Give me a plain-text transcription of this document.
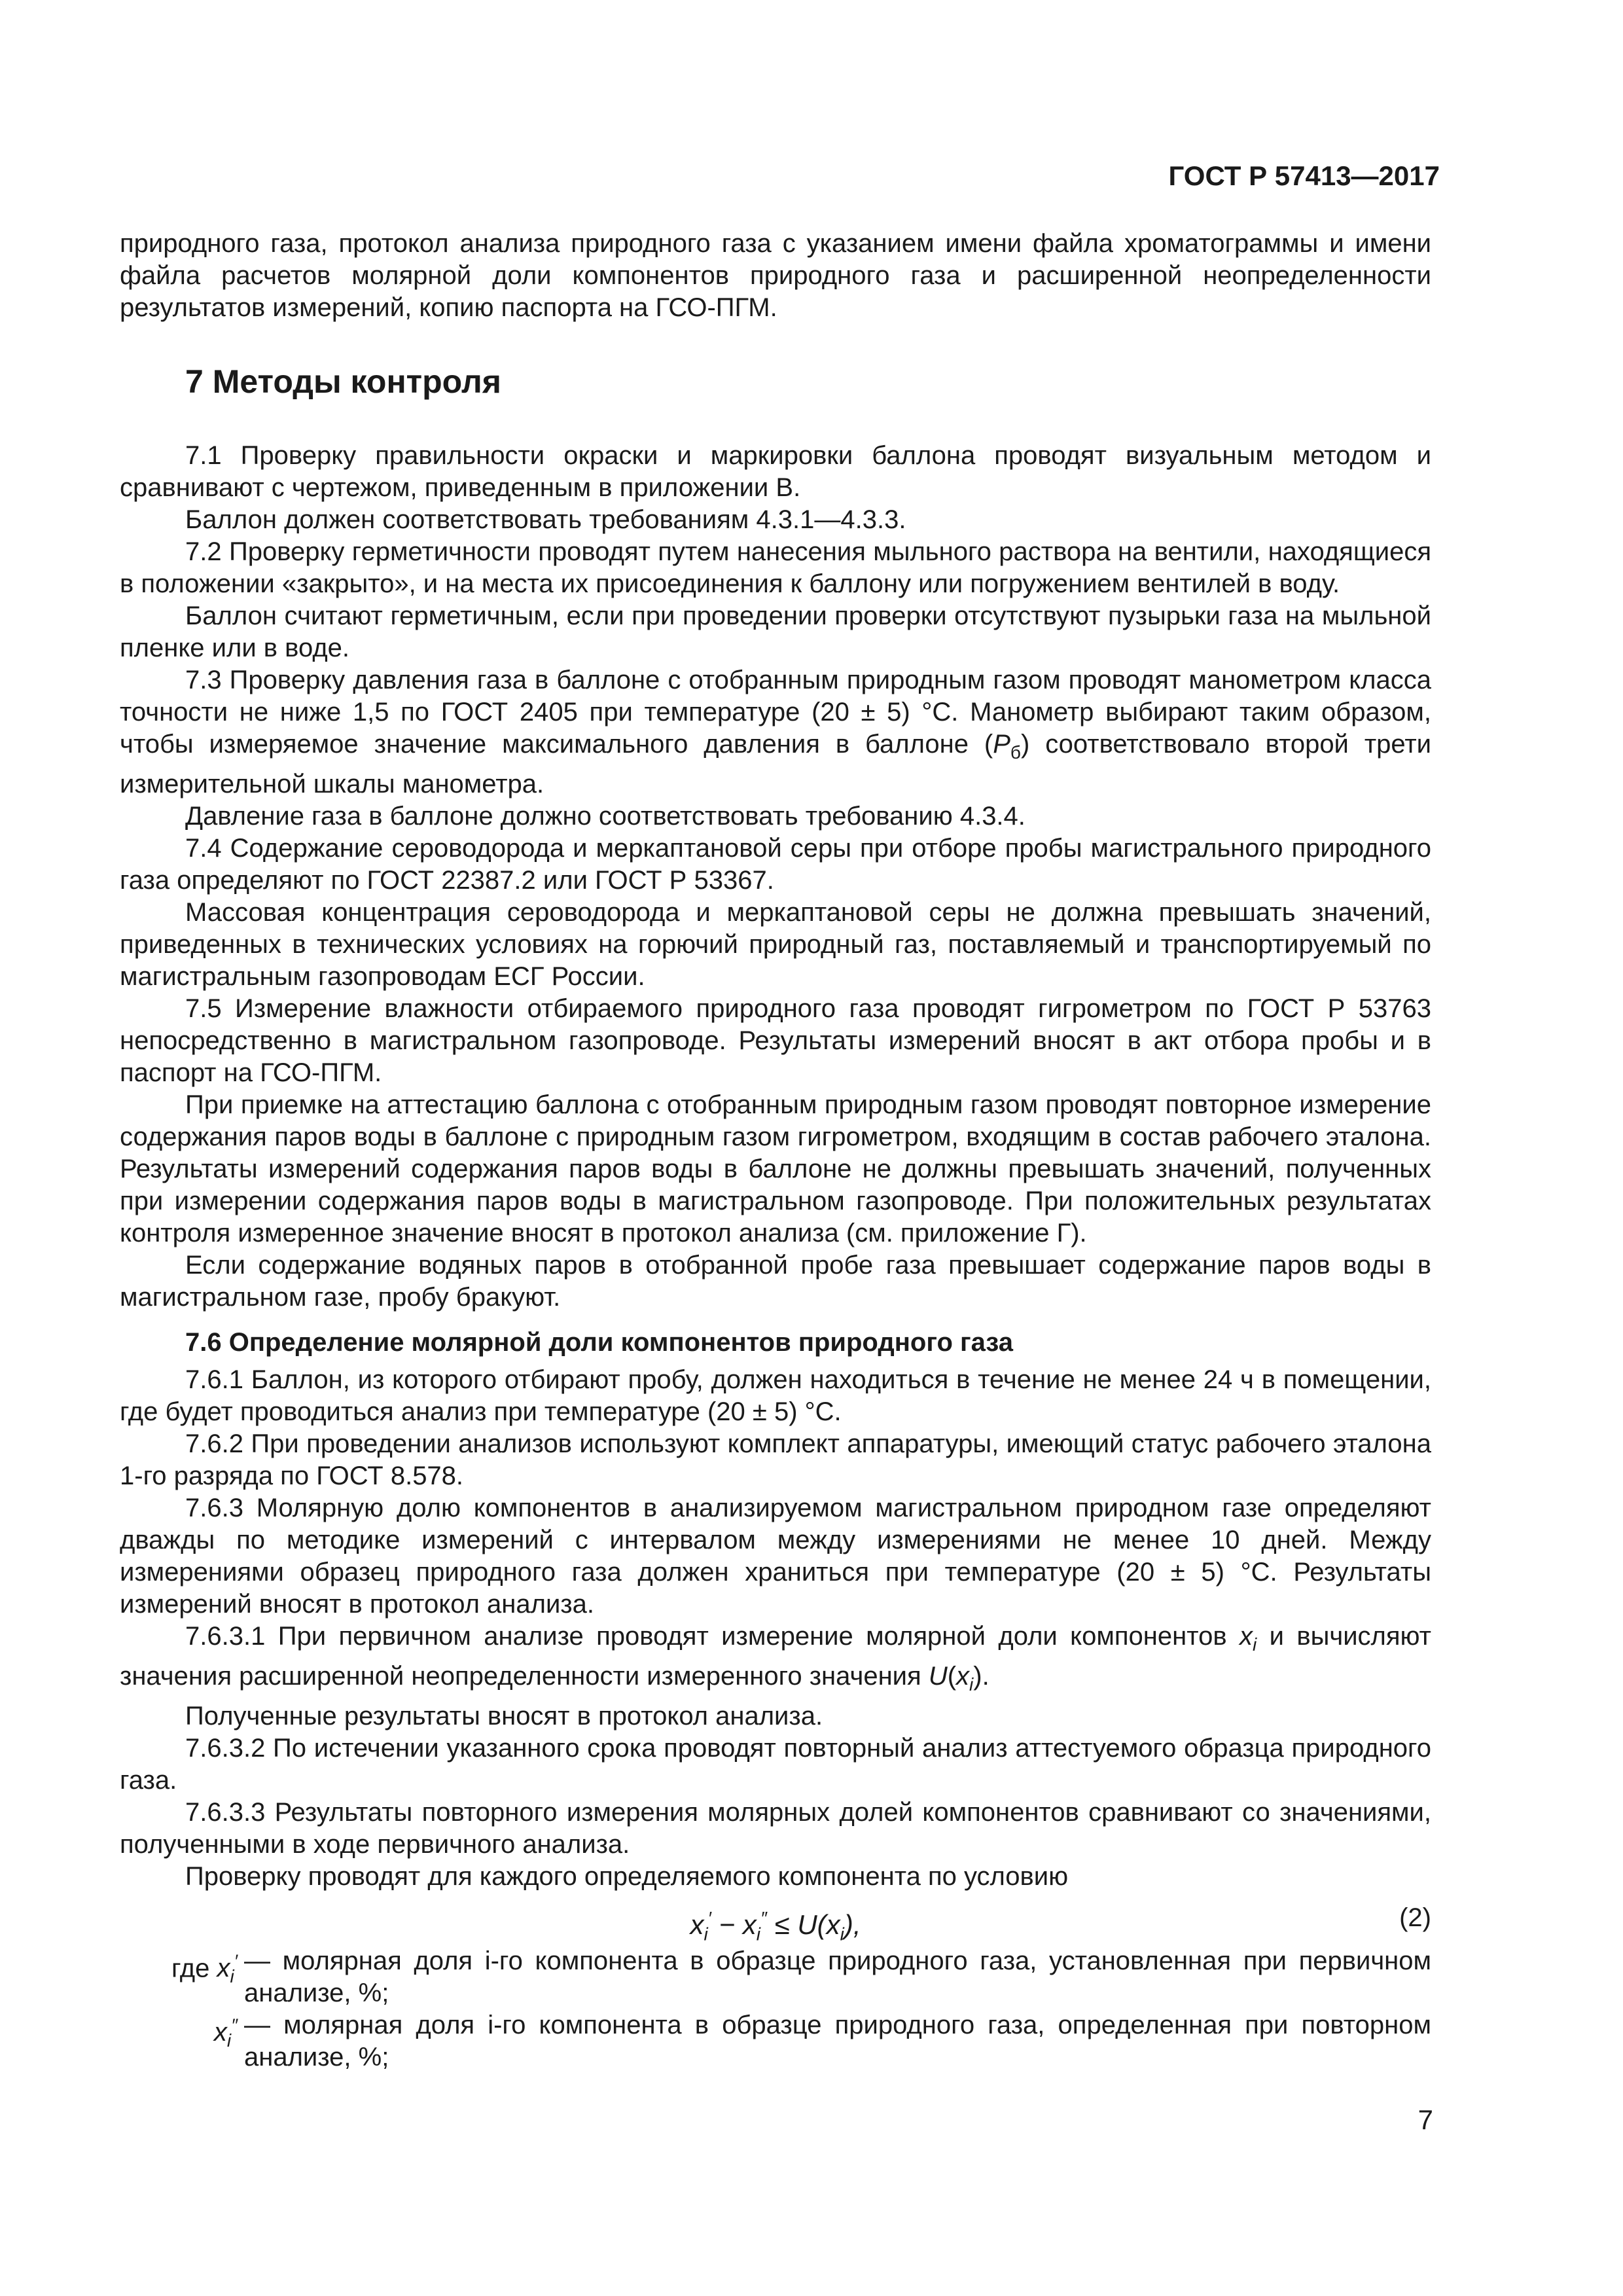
ГОСТ Р 57413—2017

природного газа, протокол анализа природного газа с указанием имени файла хроматограммы и имени файла расчетов молярной доли компонентов природного газа и расширенной неопределенности результатов измерений, копию паспорта на ГСО-ПГМ.

7 Методы контроля

7.1 Проверку правильности окраски и маркировки баллона проводят визуальным методом и сравнивают с чертежом, приведенным в приложении В.

Баллон должен соответствовать требованиям 4.3.1—4.3.3.

7.2 Проверку герметичности проводят путем нанесения мыльного раствора на вентили, находящиеся в положении «закрыто», и на места их присоединения к баллону или погружением вентилей в воду.

Баллон считают герметичным, если при проведении проверки отсутствуют пузырьки газа на мыльной пленке или в воде.

7.3 Проверку давления газа в баллоне с отобранным природным газом проводят манометром класса точности не ниже 1,5 по ГОСТ 2405 при температуре (20 ± 5) °С. Манометр выбирают таким образом, чтобы измеряемое значение максимального давления в баллоне $(P_б)$ соответствовало второй трети измерительной шкалы манометра.

Давление газа в баллоне должно соответствовать требованию 4.3.4.

7.4 Содержание сероводорода и меркаптановой серы при отборе пробы магистрального природного газа определяют по ГОСТ 22387.2 или ГОСТ Р 53367.

Массовая концентрация сероводорода и меркаптановой серы не должна превышать значений, приведенных в технических условиях на горючий природный газ, поставляемый и транспортируемый по магистральным газопроводам ЕСГ России.

7.5 Измерение влажности отбираемого природного газа проводят гигрометром по ГОСТ Р 53763 непосредственно в магистральном газопроводе. Результаты измерений вносят в акт отбора пробы и в паспорт на ГСО-ПГМ.

При приемке на аттестацию баллона с отобранным природным газом проводят повторное измерение содержания паров воды в баллоне с природным газом гигрометром, входящим в состав рабочего эталона. Результаты измерений содержания паров воды в баллоне не должны превышать значений, полученных при измерении содержания паров воды в магистральном газопроводе. При положительных результатах контроля измеренное значение вносят в протокол анализа (см. приложение Г).

Если содержание водяных паров в отобранной пробе газа превышает содержание паров воды в магистральном газе, пробу бракуют.

7.6 Определение молярной доли компонентов природного газа

7.6.1 Баллон, из которого отбирают пробу, должен находиться в течение не менее 24 ч в помещении, где будет проводиться анализ при температуре (20 ± 5) °С.

7.6.2 При проведении анализов используют комплект аппаратуры, имеющий статус рабочего эталона 1-го разряда по ГОСТ 8.578.

7.6.3 Молярную долю компонентов в анализируемом магистральном природном газе определяют дважды по методике измерений с интервалом между измерениями не менее 10 дней. Между измерениями образец природного газа должен храниться при температуре (20 ± 5) °С. Результаты измерений вносят в протокол анализа.

7.6.3.1 При первичном анализе проводят измерение молярной доли компонентов $x_i$ и вычисляют значения расширенной неопределенности измеренного значения $U(x_i)$.

Полученные результаты вносят в протокол анализа.

7.6.3.2 По истечении указанного срока проводят повторный анализ аттестуемого образца природного газа.

7.6.3.3 Результаты повторного измерения молярных долей компонентов сравнивают со значениями, полученными в ходе первичного анализа.

Проверку проводят для каждого определяемого компонента по условию

$x_i' - x_i'' \le U(x_i)$,	(2)
где $x_i'$ — молярная доля i-го компонента в образце природного газа, установленная при первичном анализе, %;
$x_i''$ — молярная доля i-го компонента в образце природного газа, определенная при повторном анализе, %;
7
